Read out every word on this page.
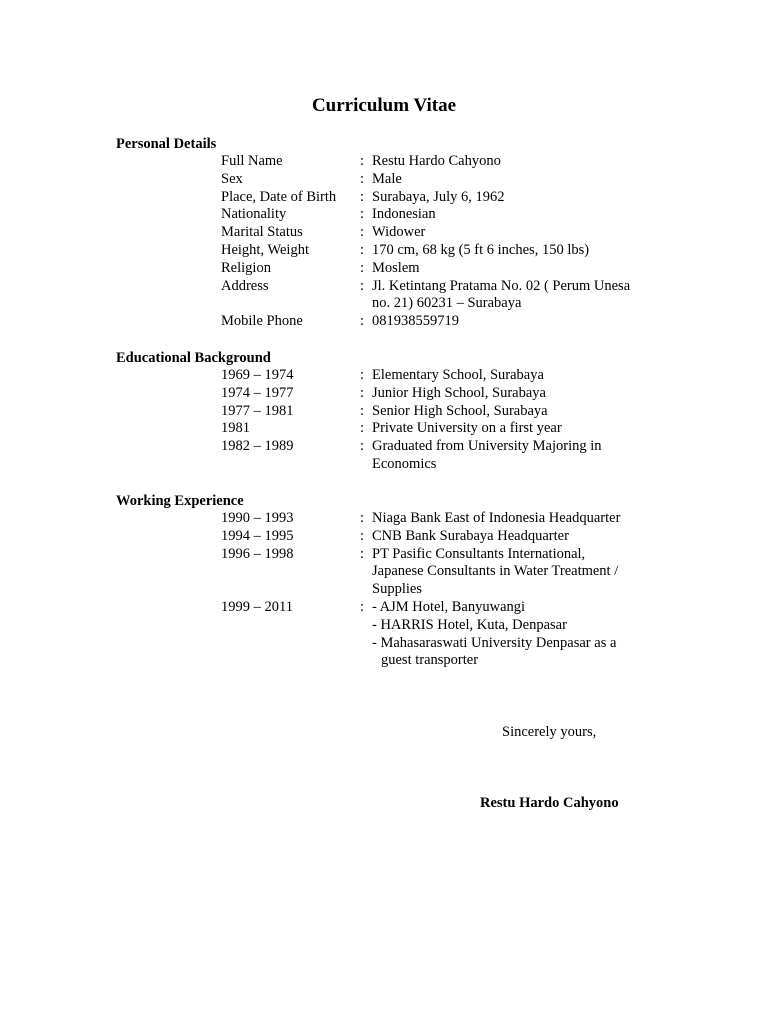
Curriculum Vitae
Personal Details
Full Name	: Restu Hardo Cahyono
Sex	: Male
Place, Date of Birth	: Surabaya, July 6, 1962
Nationality	: Indonesian
Marital Status	: Widower
Height, Weight	: 170 cm, 68 kg (5 ft 6 inches, 150 lbs)
Religion	: Moslem
Address	: Jl. Ketintang Pratama No. 02 ( Perum Unesa
no. 21) 60231 – Surabaya
Mobile Phone	: 081938559719
Educational Background
1969 – 1974	: Elementary School, Surabaya
1974 – 1977	: Junior High School, Surabaya
1977 – 1981	: Senior High School, Surabaya
1981	: Private University on a first year
1982 – 1989	: Graduated from University Majoring in
Economics
Working Experience
1990 – 1993	: Niaga Bank East of Indonesia Headquarter
1994 – 1995	: CNB Bank Surabaya Headquarter
1996 – 1998	: PT Pasific Consultants International,
Japanese Consultants in Water Treatment /
Supplies
1999 – 2011	: - AJM Hotel, Banyuwangi
- HARRIS Hotel, Kuta, Denpasar
- Mahasaraswati University Denpasar as a
guest transporter
Sincerely yours,
Restu Hardo Cahyono
